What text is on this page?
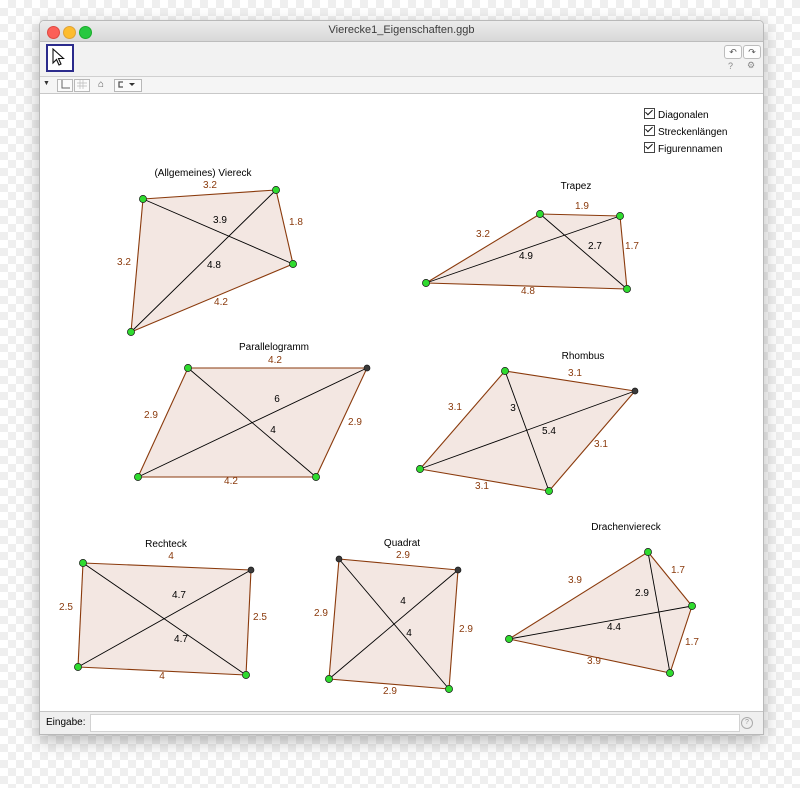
Vierecke1_Eigenschaften.ggb
↶	↷
? ⚙
▼	⌂
(Allgemeines) Viereck
3.2
1.8
4.2
3.2
3.9
4.8
Trapez
1.9
1.7
4.8
3.2
4.9
2.7
Parallelogramm
4.2
2.9
4.2
2.9
6
4
Rhombus
3.1
3.1
3.1
3.1	3
5.4
Rechteck
4
2.5
4
2.5
4.7
4.7
Quadrat
2.9
2.9
2.9
2.9
4
4
Drachenviereck
1.7
1.7
3.9
3.9
2.9
4.4
Diagonalen
Streckenlängen
Figurennamen
Eingabe:	?
